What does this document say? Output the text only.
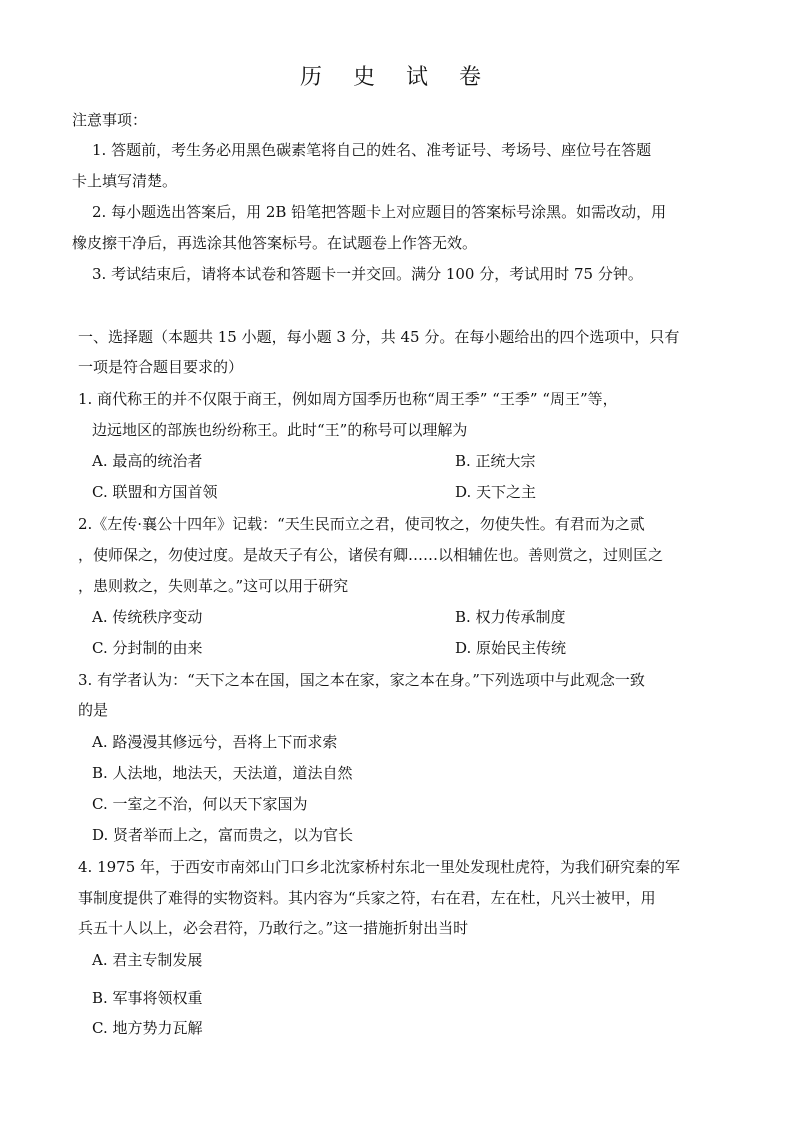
历 史 试 卷
注意事项：
1. 答题前，考生务必用黑色碳素笔将自己的姓名、准考证号、考场号、座位号在答题
卡上填写清楚。
2. 每小题选出答案后，用 2B 铅笔把答题卡上对应题目的答案标号涂黑。如需改动，用
橡皮擦干净后，再选涂其他答案标号。在试题卷上作答无效。
3. 考试结束后，请将本试卷和答题卡一并交回。满分 100 分，考试用时 75 分钟。
一、选择题（本题共 15 小题，每小题 3 分，共 45 分。在每小题给出的四个选项中，只有
一项是符合题目要求的）
1. 商代称王的并不仅限于商王，例如周方国季历也称“周王季” “王季” “周王”等，
边远地区的部族也纷纷称王。此时“王”的称号可以理解为
A. 最高的统治者	B. 正统大宗
C. 联盟和方国首领	D. 天下之主
2.《左传·襄公十四年》记载：“天生民而立之君，使司牧之，勿使失性。有君而为之贰
，使师保之，勿使过度。是故天子有公，诸侯有卿……以相辅佐也。善则赏之，过则匡之
，患则救之，失则革之。”这可以用于研究
A. 传统秩序变动	B. 权力传承制度
C. 分封制的由来	D. 原始民主传统
3. 有学者认为：“天下之本在国，国之本在家，家之本在身。”下列选项中与此观念一致
的是
A. 路漫漫其修远兮，吾将上下而求索
B. 人法地，地法天，天法道，道法自然
C. 一室之不治，何以天下家国为
D. 贤者举而上之，富而贵之，以为官长
4. 1975 年，于西安市南郊山门口乡北沈家桥村东北一里处发现杜虎符，为我们研究秦的军
事制度提供了难得的实物资料。其内容为“兵家之符，右在君，左在杜，凡兴士被甲，用
兵五十人以上，必会君符，乃敢行之。”这一措施折射出当时
A. 君主专制发展
B. 军事将领权重
C. 地方势力瓦解
